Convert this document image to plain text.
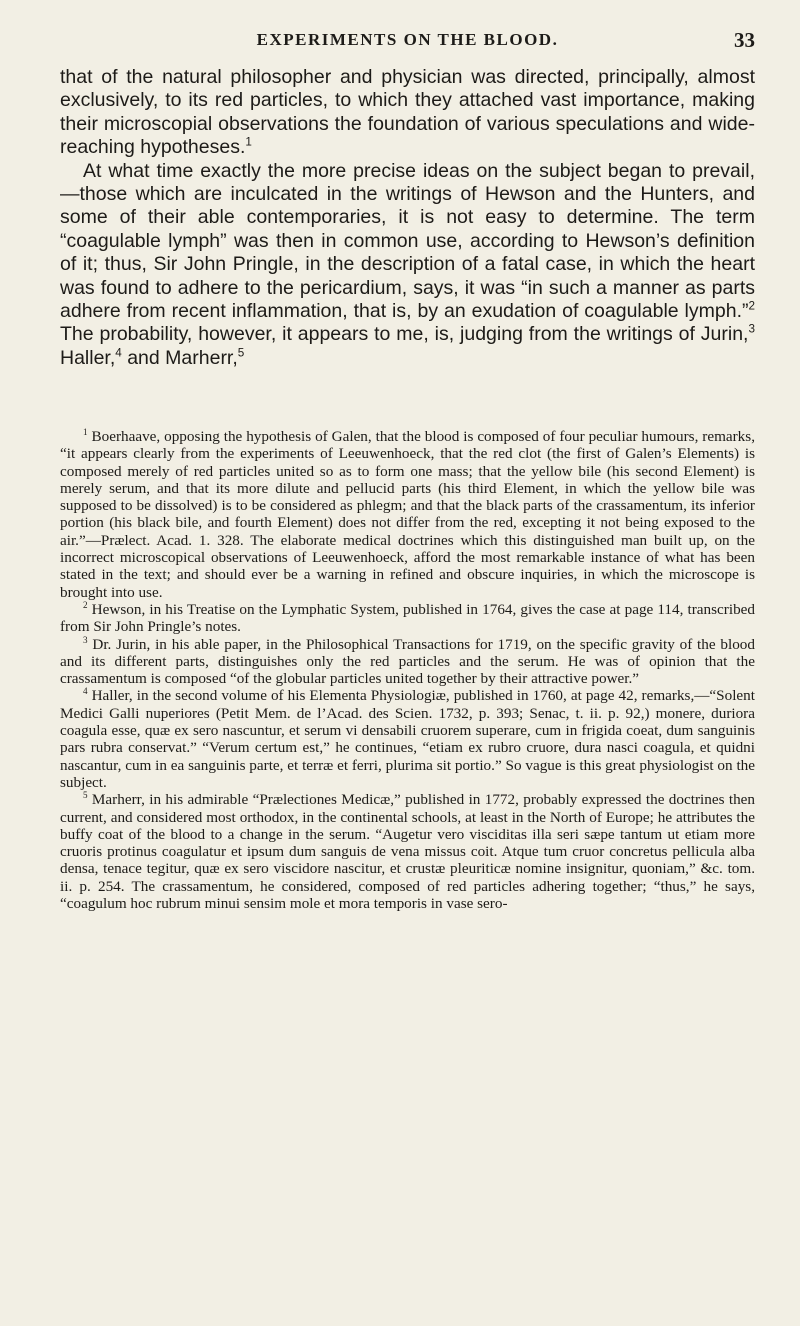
EXPERIMENTS ON THE BLOOD.	33

that of the natural philosopher and physician was directed, principally, almost exclusively, to its red particles, to which they attached vast importance, making their microscopial observations the foundation of various speculations and wide-reaching hypotheses.$^1$

At what time exactly the more precise ideas on the subject began to prevail,—those which are inculcated in the writings of Hewson and the Hunters, and some of their able contemporaries, it is not easy to determine. The term “coagulable lymph” was then in common use, according to Hewson’s definition of it; thus, Sir John Pringle, in the description of a fatal case, in which the heart was found to adhere to the pericardium, says, it was “in such a manner as parts adhere from recent inflammation, that is, by an exudation of coagulable lymph.”$^2$ The probability, however, it appears to me, is, judging from the writings of Jurin,$^3$ Haller,$^4$ and Marherr,$^5$

$^1$ Boerhaave, opposing the hypothesis of Galen, that the blood is composed of four peculiar humours, remarks, “it appears clearly from the experiments of Leeuwenhoeck, that the red clot (the first of Galen’s Elements) is composed merely of red particles united so as to form one mass; that the yellow bile (his second Element) is merely serum, and that its more dilute and pellucid parts (his third Element, in which the yellow bile was supposed to be dissolved) is to be considered as phlegm; and that the black parts of the crassamentum, its inferior portion (his black bile, and fourth Element) does not differ from the red, excepting it not being exposed to the air.”—Prælect. Acad. 1. 328. The elaborate medical doctrines which this distinguished man built up, on the incorrect microscopical observations of Leeuwenhoeck, afford the most remarkable instance of what has been stated in the text; and should ever be a warning in refined and obscure inquiries, in which the microscope is brought into use.

$^2$ Hewson, in his Treatise on the Lymphatic System, published in 1764, gives the case at page 114, transcribed from Sir John Pringle’s notes.

$^3$ Dr. Jurin, in his able paper, in the Philosophical Transactions for 1719, on the specific gravity of the blood and its different parts, distinguishes only the red particles and the serum. He was of opinion that the crassamentum is composed “of the globular particles united together by their attractive power.”

$^4$ Haller, in the second volume of his Elementa Physiologiæ, published in 1760, at page 42, remarks,—“Solent Medici Galli nuperiores (Petit Mem. de l’Acad. des Scien. 1732, p. 393; Senac, t. ii. p. 92,) monere, duriora coagula esse, quæ ex sero nascuntur, et serum vi densabili cruorem superare, cum in frigida coeat, dum sanguinis pars rubra conservat.” “Verum certum est,” he continues, “etiam ex rubro cruore, dura nasci coagula, et quidni nascantur, cum in ea sanguinis parte, et terræ et ferri, plurima sit portio.” So vague is this great physiologist on the subject.

$^5$ Marherr, in his admirable “Prælectiones Medicæ,” published in 1772, probably expressed the doctrines then current, and considered most orthodox, in the continental schools, at least in the North of Europe; he attributes the buffy coat of the blood to a change in the serum. “Augetur vero visciditas illa seri sæpe tantum ut etiam more cruoris protinus coagulatur et ipsum dum sanguis de vena missus coit. Atque tum cruor concretus pellicula alba densa, tenace tegitur, quæ ex sero viscidore nascitur, et crustæ pleuriticæ nomine insignitur, quoniam,” &c. tom. ii. p. 254. The crassamentum, he considered, composed of red particles adhering together; “thus,” he says, “coagulum hoc rubrum minui sensim mole et mora temporis in vase sero-
